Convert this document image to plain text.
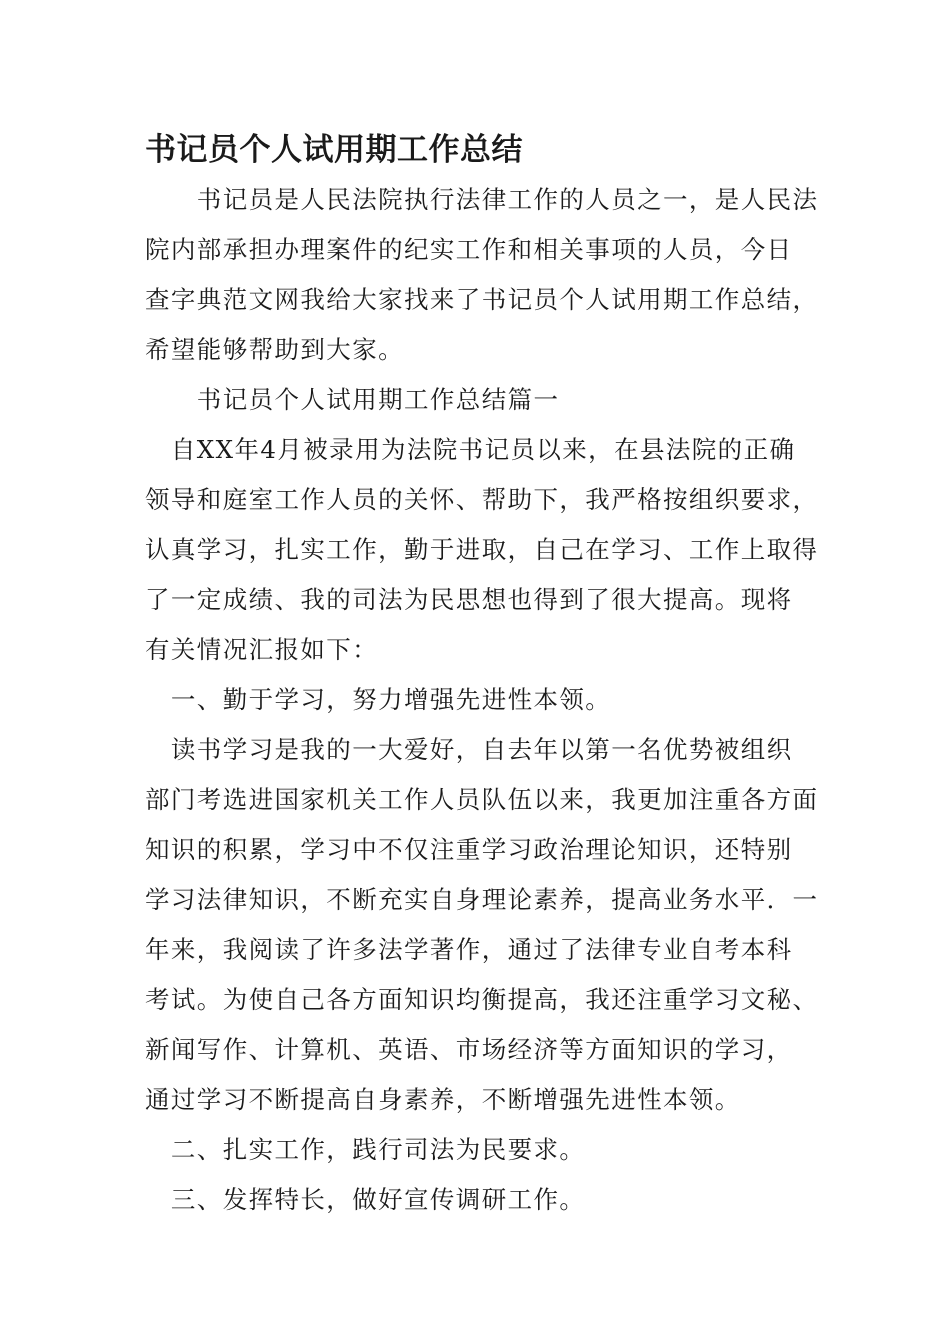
书记员个人试用期工作总结
　　书记员是人民法院执行法律工作的人员之一，是人民法
院内部承担办理案件的纪实工作和相关事项的人员，今日
查字典范文网我给大家找来了书记员个人试用期工作总结，
希望能够帮助到大家。
　　书记员个人试用期工作总结篇一
　自XX年4月被录用为法院书记员以来，在县法院的正确
领导和庭室工作人员的关怀、帮助下，我严格按组织要求，
认真学习，扎实工作，勤于进取，自己在学习、工作上取得
了一定成绩、我的司法为民思想也得到了很大提高。现将
有关情况汇报如下：
　一、勤于学习，努力增强先进性本领。
　读书学习是我的一大爱好，自去年以第一名优势被组织
部门考选进国家机关工作人员队伍以来，我更加注重各方面
知识的积累，学习中不仅注重学习政治理论知识，还特别
学习法律知识，不断充实自身理论素养，提高业务水平．一
年来，我阅读了许多法学著作，通过了法律专业自考本科
考试。为使自己各方面知识均衡提高，我还注重学习文秘、
新闻写作、计算机、英语、市场经济等方面知识的学习，
通过学习不断提高自身素养，不断增强先进性本领。
　二、扎实工作，践行司法为民要求。
　三、发挥特长，做好宣传调研工作。
